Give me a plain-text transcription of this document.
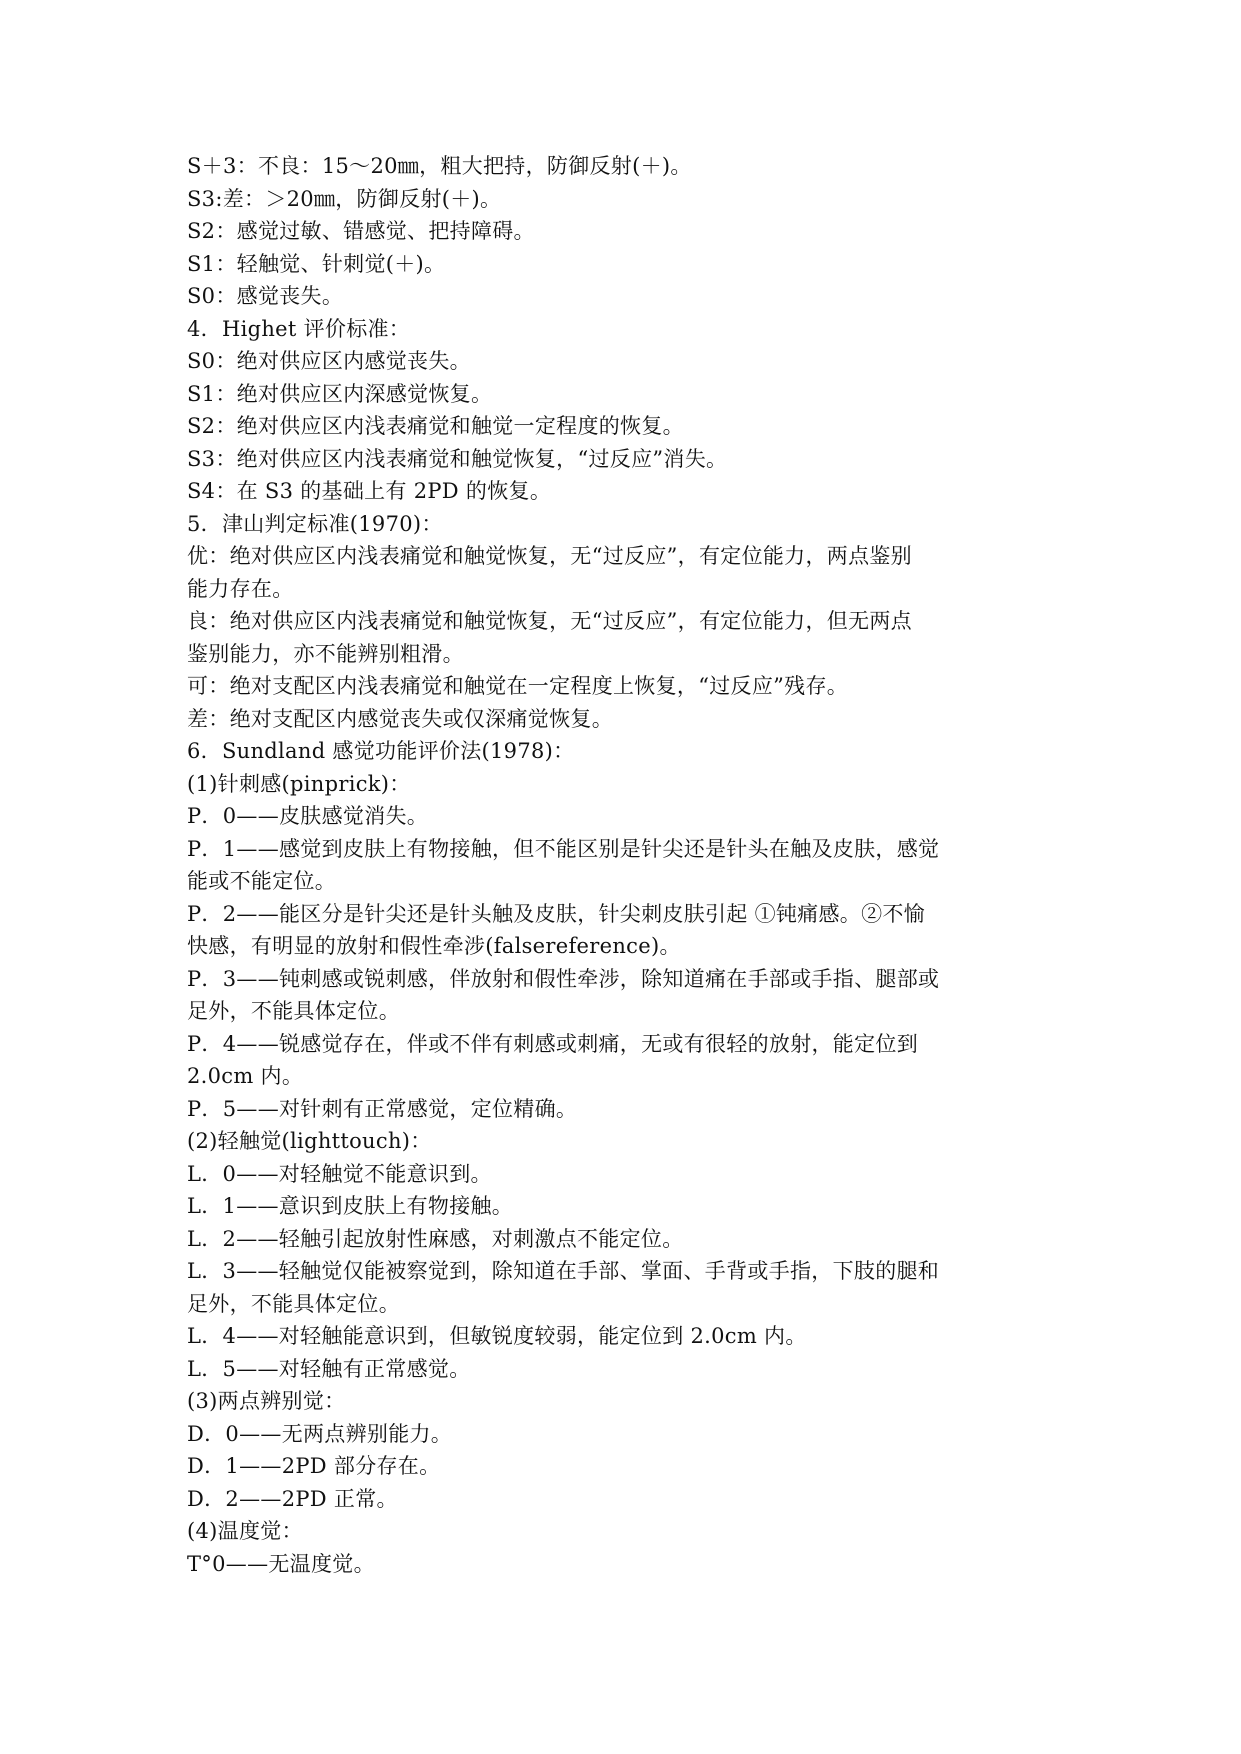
S＋3：不良：15～20㎜，粗大把持，防御反射(＋)。
S3:差：＞20㎜，防御反射(＋)。
S2：感觉过敏、错感觉、把持障碍。
S1：轻触觉、针刺觉(＋)。
S0：感觉丧失。
4．Highet 评价标准：
S0：绝对供应区内感觉丧失。
S1：绝对供应区内深感觉恢复。
S2：绝对供应区内浅表痛觉和触觉一定程度的恢复。
S3：绝对供应区内浅表痛觉和触觉恢复，“过反应”消失。
S4：在 S3 的基础上有 2PD 的恢复。
5．津山判定标准(1970)：
优：绝对供应区内浅表痛觉和触觉恢复，无“过反应”，有定位能力，两点鉴别
能力存在。
良：绝对供应区内浅表痛觉和触觉恢复，无“过反应”，有定位能力，但无两点
鉴别能力，亦不能辨别粗滑。
可：绝对支配区内浅表痛觉和触觉在一定程度上恢复，“过反应”残存。
差：绝对支配区内感觉丧失或仅深痛觉恢复。
6．Sundland 感觉功能评价法(1978)：
(1)针刺感(pinprick)：
P．0——皮肤感觉消失。
P．1——感觉到皮肤上有物接触，但不能区别是针尖还是针头在触及皮肤，感觉
能或不能定位。
P．2——能区分是针尖还是针头触及皮肤，针尖刺皮肤引起 ①钝痛感。②不愉
快感，有明显的放射和假性牵涉(falsereference)。
P．3——钝刺感或锐刺感，伴放射和假性牵涉，除知道痛在手部或手指、腿部或
足外，不能具体定位。
P．4——锐感觉存在，伴或不伴有刺感或刺痛，无或有很轻的放射，能定位到
2.0cm 内。
P．5——对针刺有正常感觉，定位精确。
(2)轻触觉(lighttouch)：
L．0——对轻触觉不能意识到。
L．1——意识到皮肤上有物接触。
L．2——轻触引起放射性麻感，对刺激点不能定位。
L．3——轻触觉仅能被察觉到，除知道在手部、掌面、手背或手指，下肢的腿和
足外，不能具体定位。
L．4——对轻触能意识到，但敏锐度较弱，能定位到 2.0cm 内。
L．5——对轻触有正常感觉。
(3)两点辨别觉：
D．0——无两点辨别能力。
D．1——2PD 部分存在。
D．2——2PD 正常。
(4)温度觉：
T°0——无温度觉。
